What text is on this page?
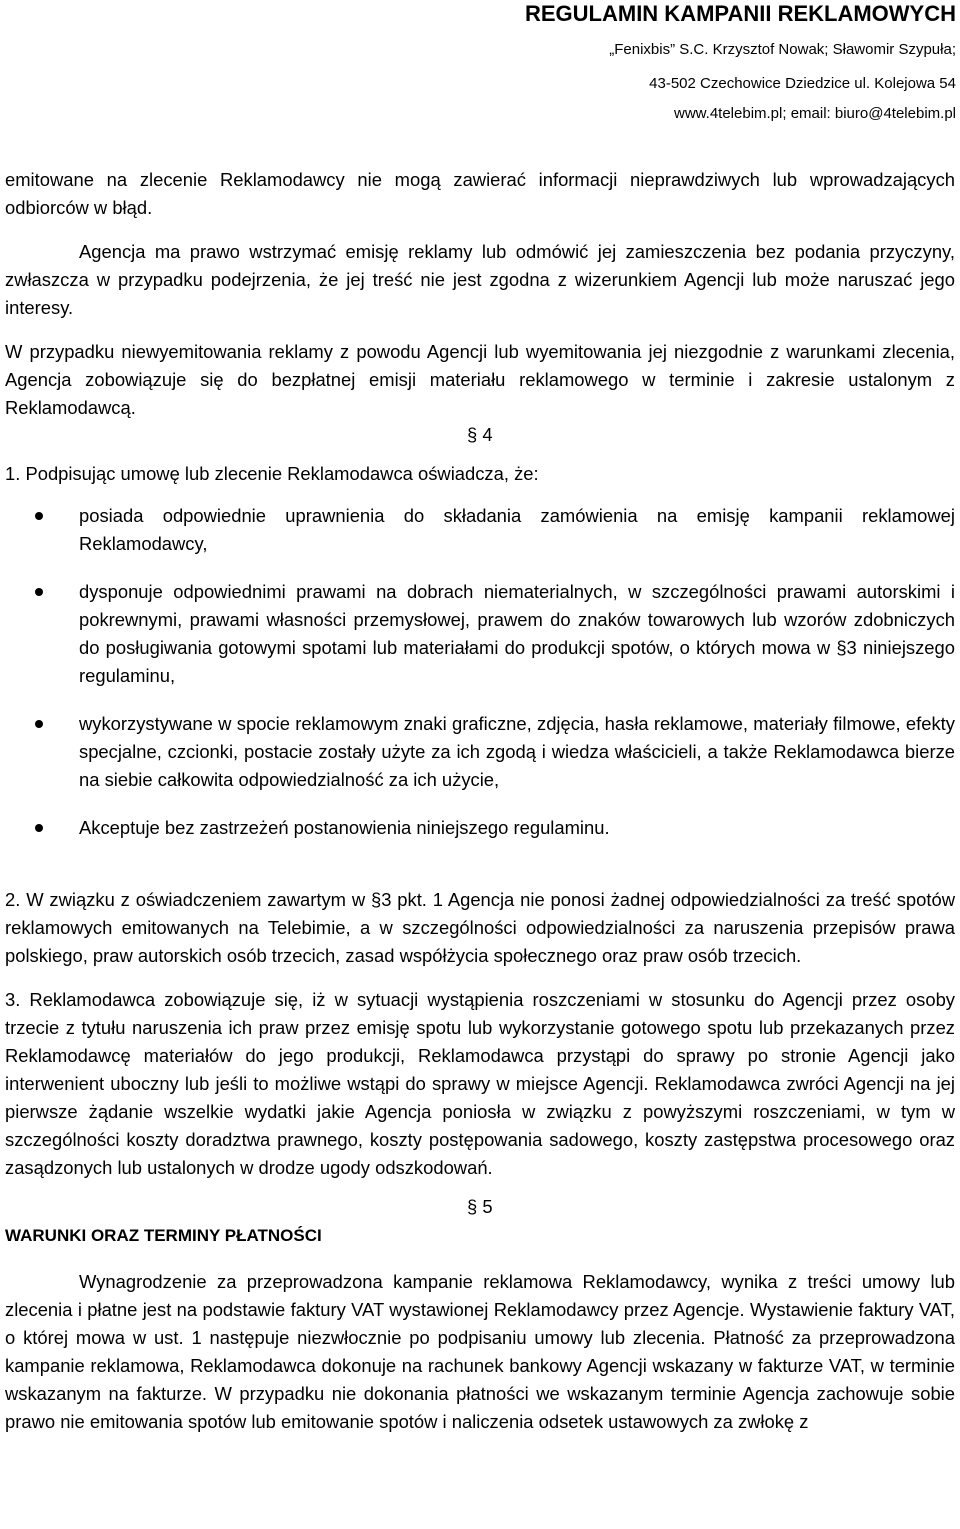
REGULAMIN KAMPANII REKLAMOWYCH
„Fenixbis” S.C. Krzysztof Nowak; Sławomir Szypuła;
43-502 Czechowice Dziedzice ul. Kolejowa 54
www.4telebim.pl; email: biuro@4telebim.pl

emitowane na zlecenie Reklamodawcy nie mogą zawierać informacji nieprawdziwych lub wprowadzających odbiorców w błąd.

Agencja ma prawo wstrzymać emisję reklamy lub odmówić jej zamieszczenia bez podania przyczyny, zwłaszcza w przypadku podejrzenia, że jej treść nie jest zgodna z wizerunkiem Agencji lub może naruszać jego interesy.

W przypadku niewyemitowania reklamy z powodu Agencji lub wyemitowania jej niezgodnie z warunkami zlecenia, Agencja zobowiązuje się do bezpłatnej emisji materiału reklamowego w terminie i zakresie ustalonym z Reklamodawcą.

§ 4

1. Podpisując umowę lub zlecenie Reklamodawca oświadcza, że:

posiada odpowiednie uprawnienia do składania zamówienia na emisję kampanii reklamowej Reklamodawcy,
dysponuje odpowiednimi prawami na dobrach niematerialnych, w szczególności prawami autorskimi i pokrewnymi, prawami własności przemysłowej, prawem do znaków towarowych lub wzorów zdobniczych do posługiwania gotowymi spotami lub materiałami do produkcji spotów, o których mowa w §3 niniejszego regulaminu,
wykorzystywane w spocie reklamowym znaki graficzne, zdjęcia, hasła reklamowe, materiały filmowe, efekty specjalne, czcionki, postacie zostały użyte za ich zgodą i wiedza właścicieli, a także Reklamodawca bierze na siebie całkowita odpowiedzialność za ich użycie,
Akceptuje bez zastrzeżeń postanowienia niniejszego regulaminu.

2. W związku z oświadczeniem zawartym w §3 pkt. 1 Agencja nie ponosi żadnej odpowiedzialności za treść spotów reklamowych emitowanych na Telebimie, a w szczególności odpowiedzialności za naruszenia przepisów prawa polskiego, praw autorskich osób trzecich, zasad współżycia społecznego oraz praw osób trzecich.

3. Reklamodawca zobowiązuje się, iż w sytuacji wystąpienia roszczeniami w stosunku do Agencji przez osoby trzecie z tytułu naruszenia ich praw przez emisję spotu lub wykorzystanie gotowego spotu lub przekazanych przez Reklamodawcę materiałów do jego produkcji, Reklamodawca przystąpi do sprawy po stronie Agencji jako interwenient uboczny lub jeśli to możliwe wstąpi do sprawy w miejsce Agencji. Reklamodawca zwróci Agencji na jej pierwsze żądanie wszelkie wydatki jakie Agencja poniosła w związku z powyższymi roszczeniami, w tym w szczególności koszty doradztwa prawnego, koszty postępowania sadowego, koszty zastępstwa procesowego oraz zasądzonych lub ustalonych w drodze ugody odszkodowań.

§ 5

WARUNKI ORAZ TERMINY PŁATNOŚCI

Wynagrodzenie za przeprowadzona kampanie reklamowa Reklamodawcy, wynika z treści umowy lub zlecenia i płatne jest na podstawie faktury VAT wystawionej Reklamodawcy przez Agencje. Wystawienie faktury VAT, o której mowa w ust. 1 następuje niezwłocznie po podpisaniu umowy lub zlecenia. Płatność za przeprowadzona kampanie reklamowa, Reklamodawca dokonuje na rachunek bankowy Agencji wskazany w fakturze VAT, w terminie wskazanym na fakturze. W przypadku nie dokonania płatności we wskazanym terminie Agencja zachowuje sobie prawo nie emitowania spotów lub emitowanie spotów i naliczenia odsetek ustawowych za zwłokę z
